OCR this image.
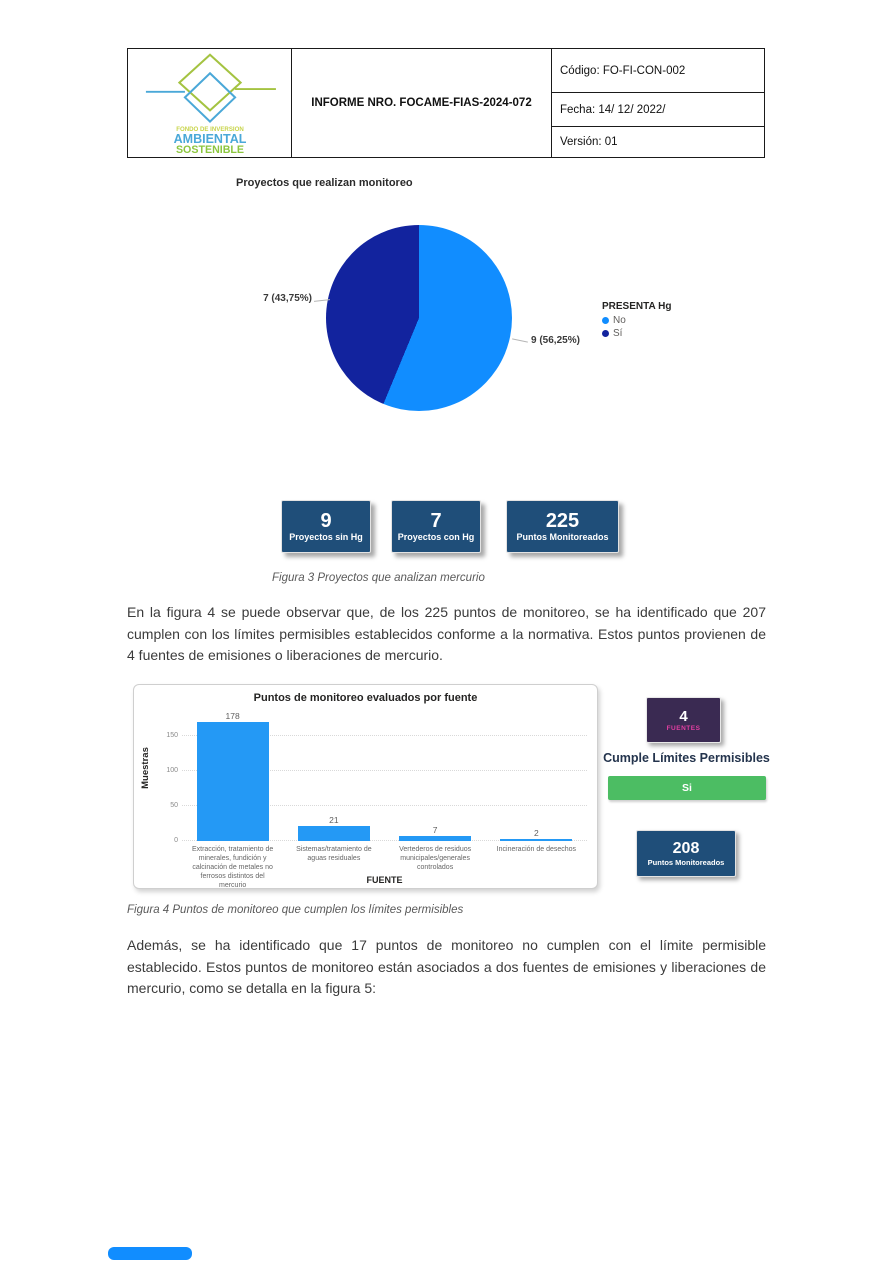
FONDO DE INVERSION
AMBIENTAL
SOSTENIBLE
INFORME NRO. FOCAME-FIAS-2024-072
Código: FO-FI-CON-002
Fecha: 14/ 12/ 2022/
Versión: 01
Proyectos que realizan monitoreo
7 (43,75%)
9 (56,25%)
PRESENTA Hg
No
Sí
9
Proyectos sin Hg
7
Proyectos con Hg
225
Puntos Monitoreados
Figura 3 Proyectos que analizan mercurio

En la figura 4 se puede observar que, de los 225 puntos de monitoreo, se ha identificado que 207 cumplen con los límites permisibles establecidos conforme a la normativa. Estos puntos provienen de 4 fuentes de emisiones o liberaciones de mercurio.

Puntos de monitoreo evaluados por fuente
Muestras
0
50
100
150
178
21
7	2
Extracción, tratamiento de minerales, fundición y calcinación de metales no ferrosos distintos del mercurio
Sistemas/tratamiento de aguas residuales
Vertederos de residuos municipales/generales controlados
Incineración de desechos
FUENTE
4
FUENTES
Cumple Límites Permisibles
Si
208
Puntos Monitoreados
Figura 4 Puntos de monitoreo que cumplen los límites permisibles

Además, se ha identificado que 17 puntos de monitoreo no cumplen con el límite permisible establecido. Estos puntos de monitoreo están asociados a dos fuentes de emisiones y liberaciones de mercurio, como se detalla en la figura 5:
